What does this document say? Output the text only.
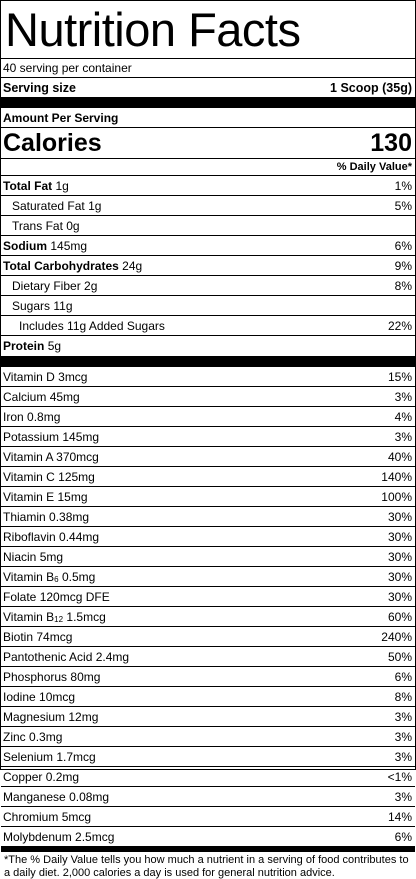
Nutrition Facts
40 serving per container
Serving size	1 Scoop (35g)
Amount Per Serving
Calories	130
% Daily Value*
Total Fat 1g	1%
Saturated Fat 1g	5%
Trans Fat 0g
Sodium 145mg	6%
Total Carbohydrates 24g	9%
Dietary Fiber 2g	8%
Sugars 11g
Includes 11g Added Sugars	22%
Protein 5g
Vitamin D 3mcg	15%
Calcium 45mg	3%
Iron 0.8mg	4%
Potassium 145mg	3%
Vitamin A 370mcg	40%
Vitamin C 125mg	140%
Vitamin E 15mg	100%
Thiamin 0.38mg	30%
Riboflavin 0.44mg	30%
Niacin 5mg	30%
Vitamin $B_6$ 0.5mg	30%
Folate 120mcg DFE	30%
Vitamin $B_{12}$ 1.5mcg	60%
Biotin 74mcg	240%
Pantothenic Acid 2.4mg	50%
Phosphorus 80mg	6%
Iodine 10mcg	8%
Magnesium 12mg	3%
Zinc 0.3mg	3%
Selenium 1.7mcg	3%
Copper 0.2mg	<1%
Manganese 0.08mg	3%
Chromium 5mcg	14%
Molybdenum 2.5mcg	6%
*The % Daily Value tells you how much a nutrient in a serving of food contributes to a daily diet. 2,000 calories a day is used for general nutrition advice.
